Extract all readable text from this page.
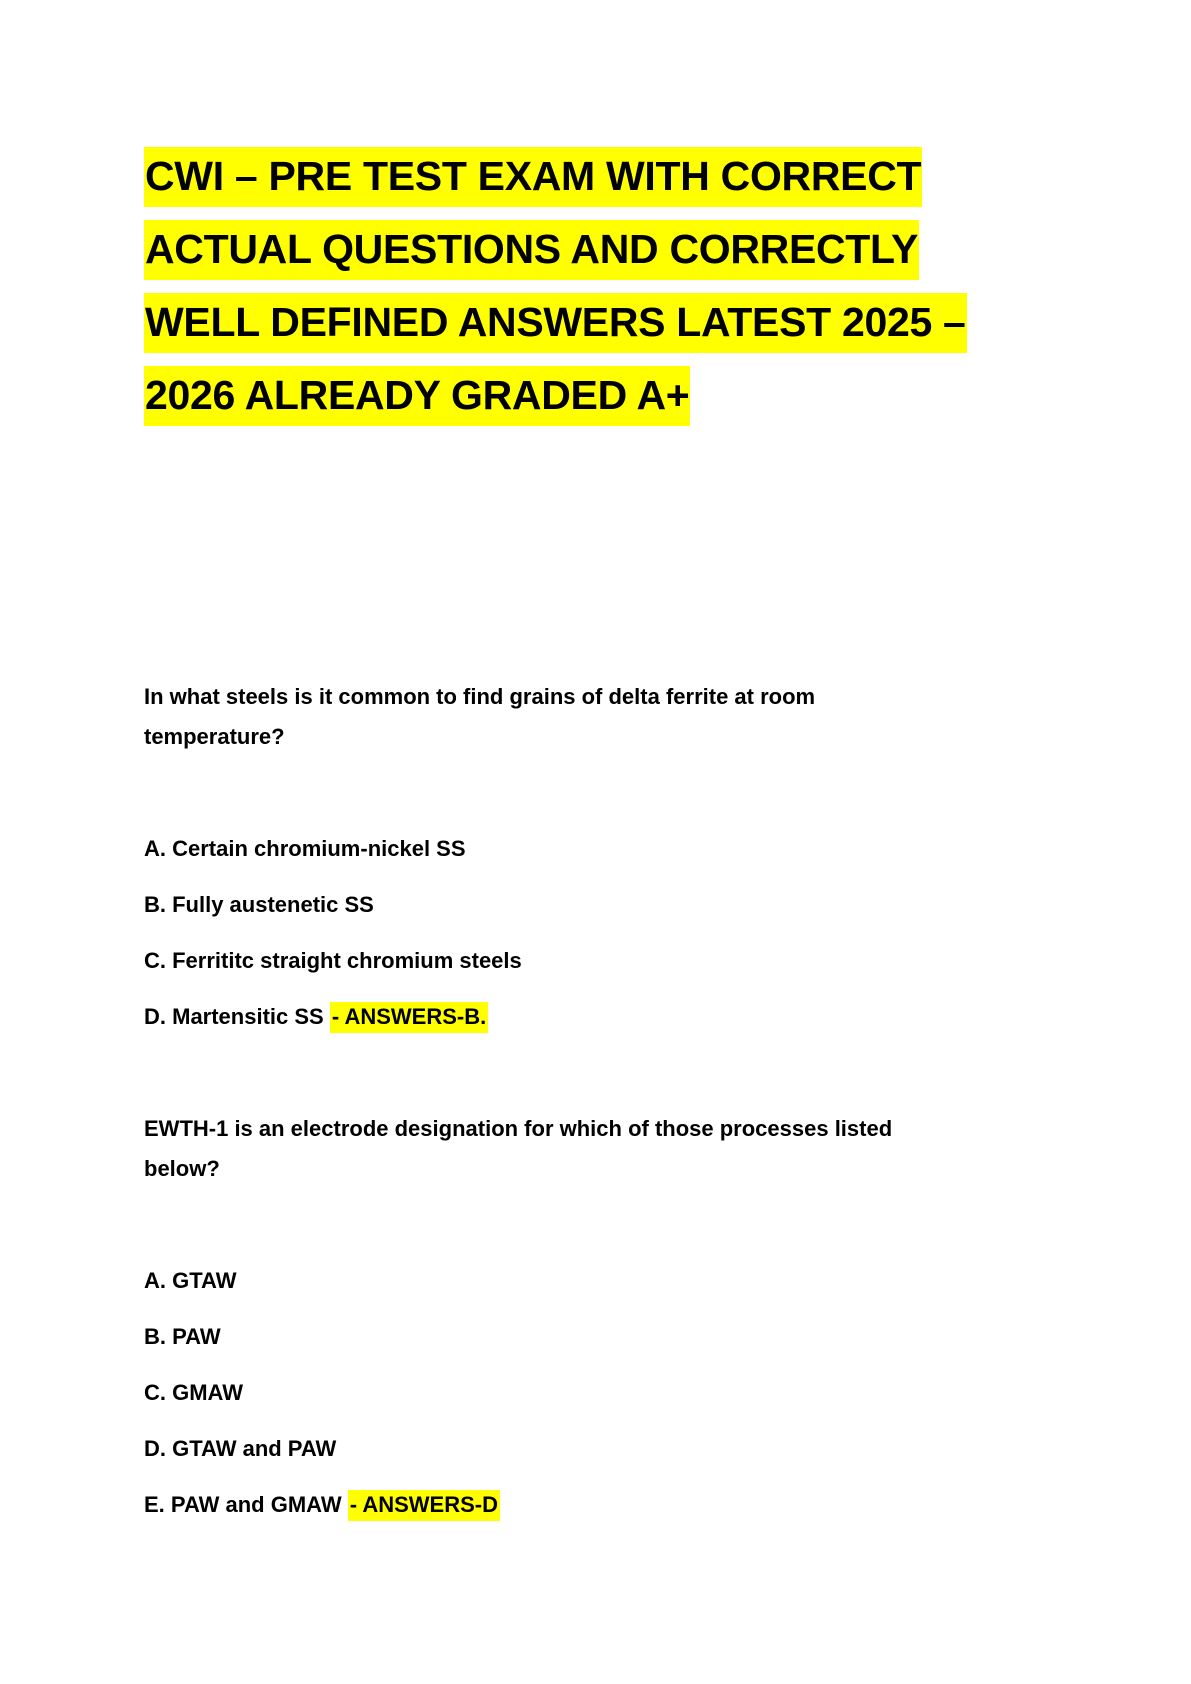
CWI – PRE TEST EXAM WITH CORRECT
ACTUAL QUESTIONS AND CORRECTLY
WELL DEFINED ANSWERS LATEST 2025 –
2026 ALREADY GRADED A+
In what steels is it common to find grains of delta ferrite at room
temperature?
A. Certain chromium-nickel SS
B. Fully austenetic SS
C. Ferrititc straight chromium steels
D. Martensitic SS - ANSWERS-B.
EWTH-1 is an electrode designation for which of those processes listed
below?
A. GTAW
B. PAW
C. GMAW
D. GTAW and PAW
E. PAW and GMAW - ANSWERS-D
